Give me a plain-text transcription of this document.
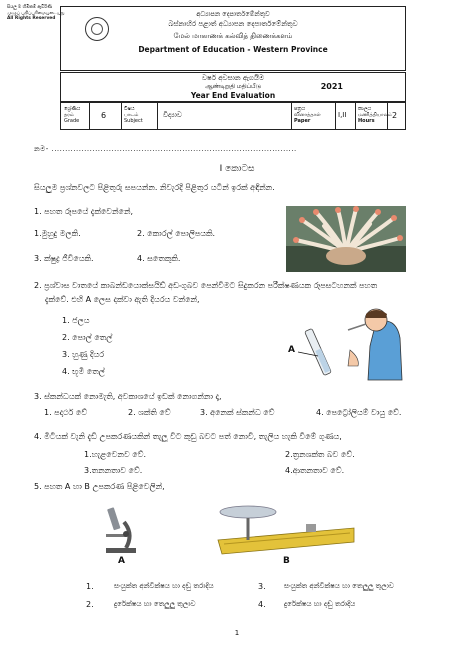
සියලු ම හිමිකම් ඇවිරිණි
முழுப் பதிப்புரிமையுடையது
All Rights Reserved
අධ්‍යාපන දෙපාර්තමේන්තුව
බස්නාහිර පළාත් අධ්‍යාපන දෙපාර්තමේන්තුව
மேல் மாகாணக் கல்வித் திணைக்களம்
Department of Education - Western Province
වර්ෂ අවසාන ඇගයීම
ஆண்டிறுதி மதிப்பீடு
Year End Evaluation
2021
ශ්‍රේණිය
தரம்
Grade
6
විෂය
பாடம்
Subject
විද්‍යාව
පත්‍රය
வினாத்தாள்
Paper
I,II
කාලය
மணித்தியாலம்
Hours
2
නම- ..........................................................................................
I කොටස
සියලුම ප්‍රශ්නවලට පිළිතුරු සපයන්න. නිවැරදි පිළිතුර යටින් ඉරක් අඳින්න.
1. පහත රූපයේ දැක්වෙන්නේ,
1.මුහුදු මලකි.	2. කොරල් පොලිපයකි.
3. ක්ෂුද්‍ර ජීවියෙකි.	4. සතෙකුකි.
2. ප්‍රශ්වාස වාතයේ කාබන්ඩයොක්සයිඩ් අඩංගුබව පෙන්වීමට සිදුකරන පරීක්ෂණයක රූපසටහනක් පහත
දැක්වේ. එහි A ලෙස දක්වා ඇති දියරය වන්නේ,
1. ජලය
2. පොල් තෙල්
3. හුණු දියර
4. භූමි තෙල්
A
3. ස්කන්ධයක් නොමැති, අවකාශයේ ඉඩක් නොගන්නා දෑ,
1. පදාර්ථ වේ	2. ශක්ති වේ	3. අනෙක් ස්කන්ධ වේ	4. පෙට්‍රෝලියම් වායු වේ.
4. මිටියක් වැනි දැඩි උපකරණයකින් තැලූ විට කුඩු බවට පත් නොවී, තැලිය හැකි වීමේ ගුණය,
1.හැළවෙනව වේ.	2.ත්‍රනශක්ත බව වේ.
3.තනනතාව වේ.	4.ආතනතාව වේ.
5. පහත A හා B උපකරණ පිළිවෙලින්,
A	B
1.	සංයුක්ත අන්වීක්ෂය හා දඬු තරාදිය
2.	දුරේක්ෂය හා තෙලුලු තුලාව
3.	සංයුක්ත අන්වීක්ෂය හා තෙලුලු තුලාව
4.	දුරේක්ෂය හා දඬු තරාදිය
1
